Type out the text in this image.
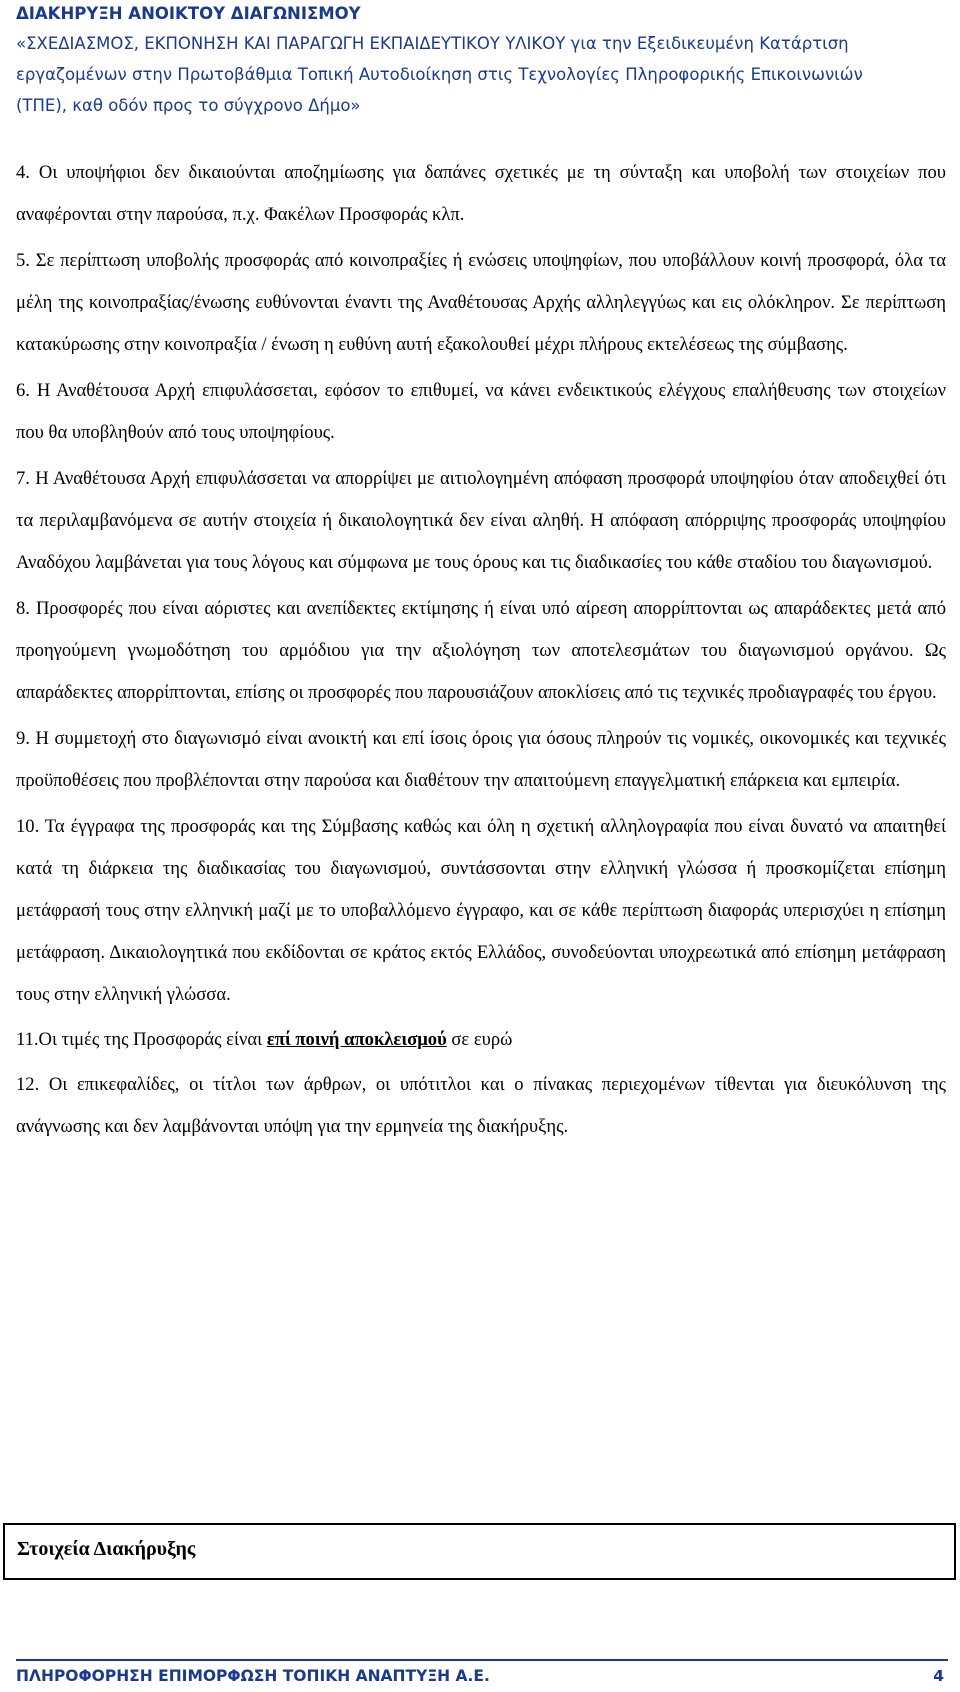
ΔΙΑΚΗΡΥΞΗ ΑΝΟΙΚΤΟΥ ΔΙΑΓΩΝΙΣΜΟΥ
«ΣΧΕΔΙΑΣΜΟΣ, ΕΚΠΟΝΗΣΗ ΚΑΙ ΠΑΡΑΓΩΓΗ ΕΚΠΑΙΔΕΥΤΙΚΟΥ ΥΛΙΚΟΥ για την Εξειδικευμένη Κατάρτιση
εργαζομένων στην Πρωτοβάθμια Τοπική Αυτοδιοίκηση στις Τεχνολογίες Πληροφορικής Επικοινωνιών
(ΤΠΕ), καθ οδόν προς το σύγχρονο Δήμο»

4. Οι υποψήφιοι δεν δικαιούνται αποζημίωσης για δαπάνες σχετικές με τη σύνταξη και υποβολή των στοιχείων που αναφέρονται στην παρούσα, π.χ. Φακέλων Προσφοράς κλπ.

5. Σε περίπτωση υποβολής προσφοράς από κοινοπραξίες ή ενώσεις υποψηφίων, που υποβάλλουν κοινή προσφορά, όλα τα μέλη της κοινοπραξίας/ένωσης ευθύνονται έναντι της Αναθέτουσας Αρχής αλληλεγγύως και εις ολόκληρον. Σε περίπτωση κατακύρωσης στην κοινοπραξία / ένωση η ευθύνη αυτή εξακολουθεί μέχρι πλήρους εκτελέσεως της σύμβασης.

6. Η Αναθέτουσα Αρχή επιφυλάσσεται, εφόσον το επιθυμεί, να κάνει ενδεικτικούς ελέγχους επαλήθευσης των στοιχείων που θα υποβληθούν από τους υποψηφίους.

7. Η Αναθέτουσα Αρχή επιφυλάσσεται να απορρίψει με αιτιολογημένη απόφαση προσφορά υποψηφίου όταν αποδειχθεί ότι τα περιλαμβανόμενα σε αυτήν στοιχεία ή δικαιολογητικά δεν είναι αληθή. Η απόφαση απόρριψης προσφοράς υποψηφίου Αναδόχου λαμβάνεται για τους λόγους και σύμφωνα με τους όρους και τις διαδικασίες του κάθε σταδίου του διαγωνισμού.

8. Προσφορές που είναι αόριστες και ανεπίδεκτες εκτίμησης ή είναι υπό αίρεση απορρίπτονται ως απαράδεκτες μετά από προηγούμενη γνωμοδότηση του αρμόδιου για την αξιολόγηση των αποτελεσμάτων του διαγωνισμού οργάνου. Ως απαράδεκτες απορρίπτονται, επίσης οι προσφορές που παρουσιάζουν αποκλίσεις από τις τεχνικές προδιαγραφές του έργου.

9. Η συμμετοχή στο διαγωνισμό είναι ανοικτή και επί ίσοις όροις για όσους πληρούν τις νομικές, οικονομικές και τεχνικές προϋποθέσεις που προβλέπονται στην παρούσα και διαθέτουν την απαιτούμενη επαγγελματική επάρκεια και εμπειρία.

10. Τα έγγραφα της προσφοράς και της Σύμβασης καθώς και όλη η σχετική αλληλογραφία που είναι δυνατό να απαιτηθεί κατά τη διάρκεια της διαδικασίας του διαγωνισμού, συντάσσονται στην ελληνική γλώσσα ή προσκομίζεται επίσημη μετάφρασή τους στην ελληνική μαζί με το υποβαλλόμενο έγγραφο, και σε κάθε περίπτωση διαφοράς υπερισχύει η επίσημη μετάφραση. Δικαιολογητικά που εκδίδονται σε κράτος εκτός Ελλάδος, συνοδεύονται υποχρεωτικά από επίσημη μετάφραση τους στην ελληνική γλώσσα.

11.Οι τιμές της Προσφοράς είναι επί ποινή αποκλεισμού σε ευρώ

12. Οι επικεφαλίδες, οι τίτλοι των άρθρων, οι υπότιτλοι και ο πίνακας περιεχομένων τίθενται για διευκόλυνση της ανάγνωσης και δεν λαμβάνονται υπόψη για την ερμηνεία της διακήρυξης.

Στοιχεία Διακήρυξης
ΠΛΗΡΟΦΟΡΗΣΗ ΕΠΙΜΟΡΦΩΣΗ ΤΟΠΙΚΗ ΑΝΑΠΤΥΞΗ Α.Ε.	4
